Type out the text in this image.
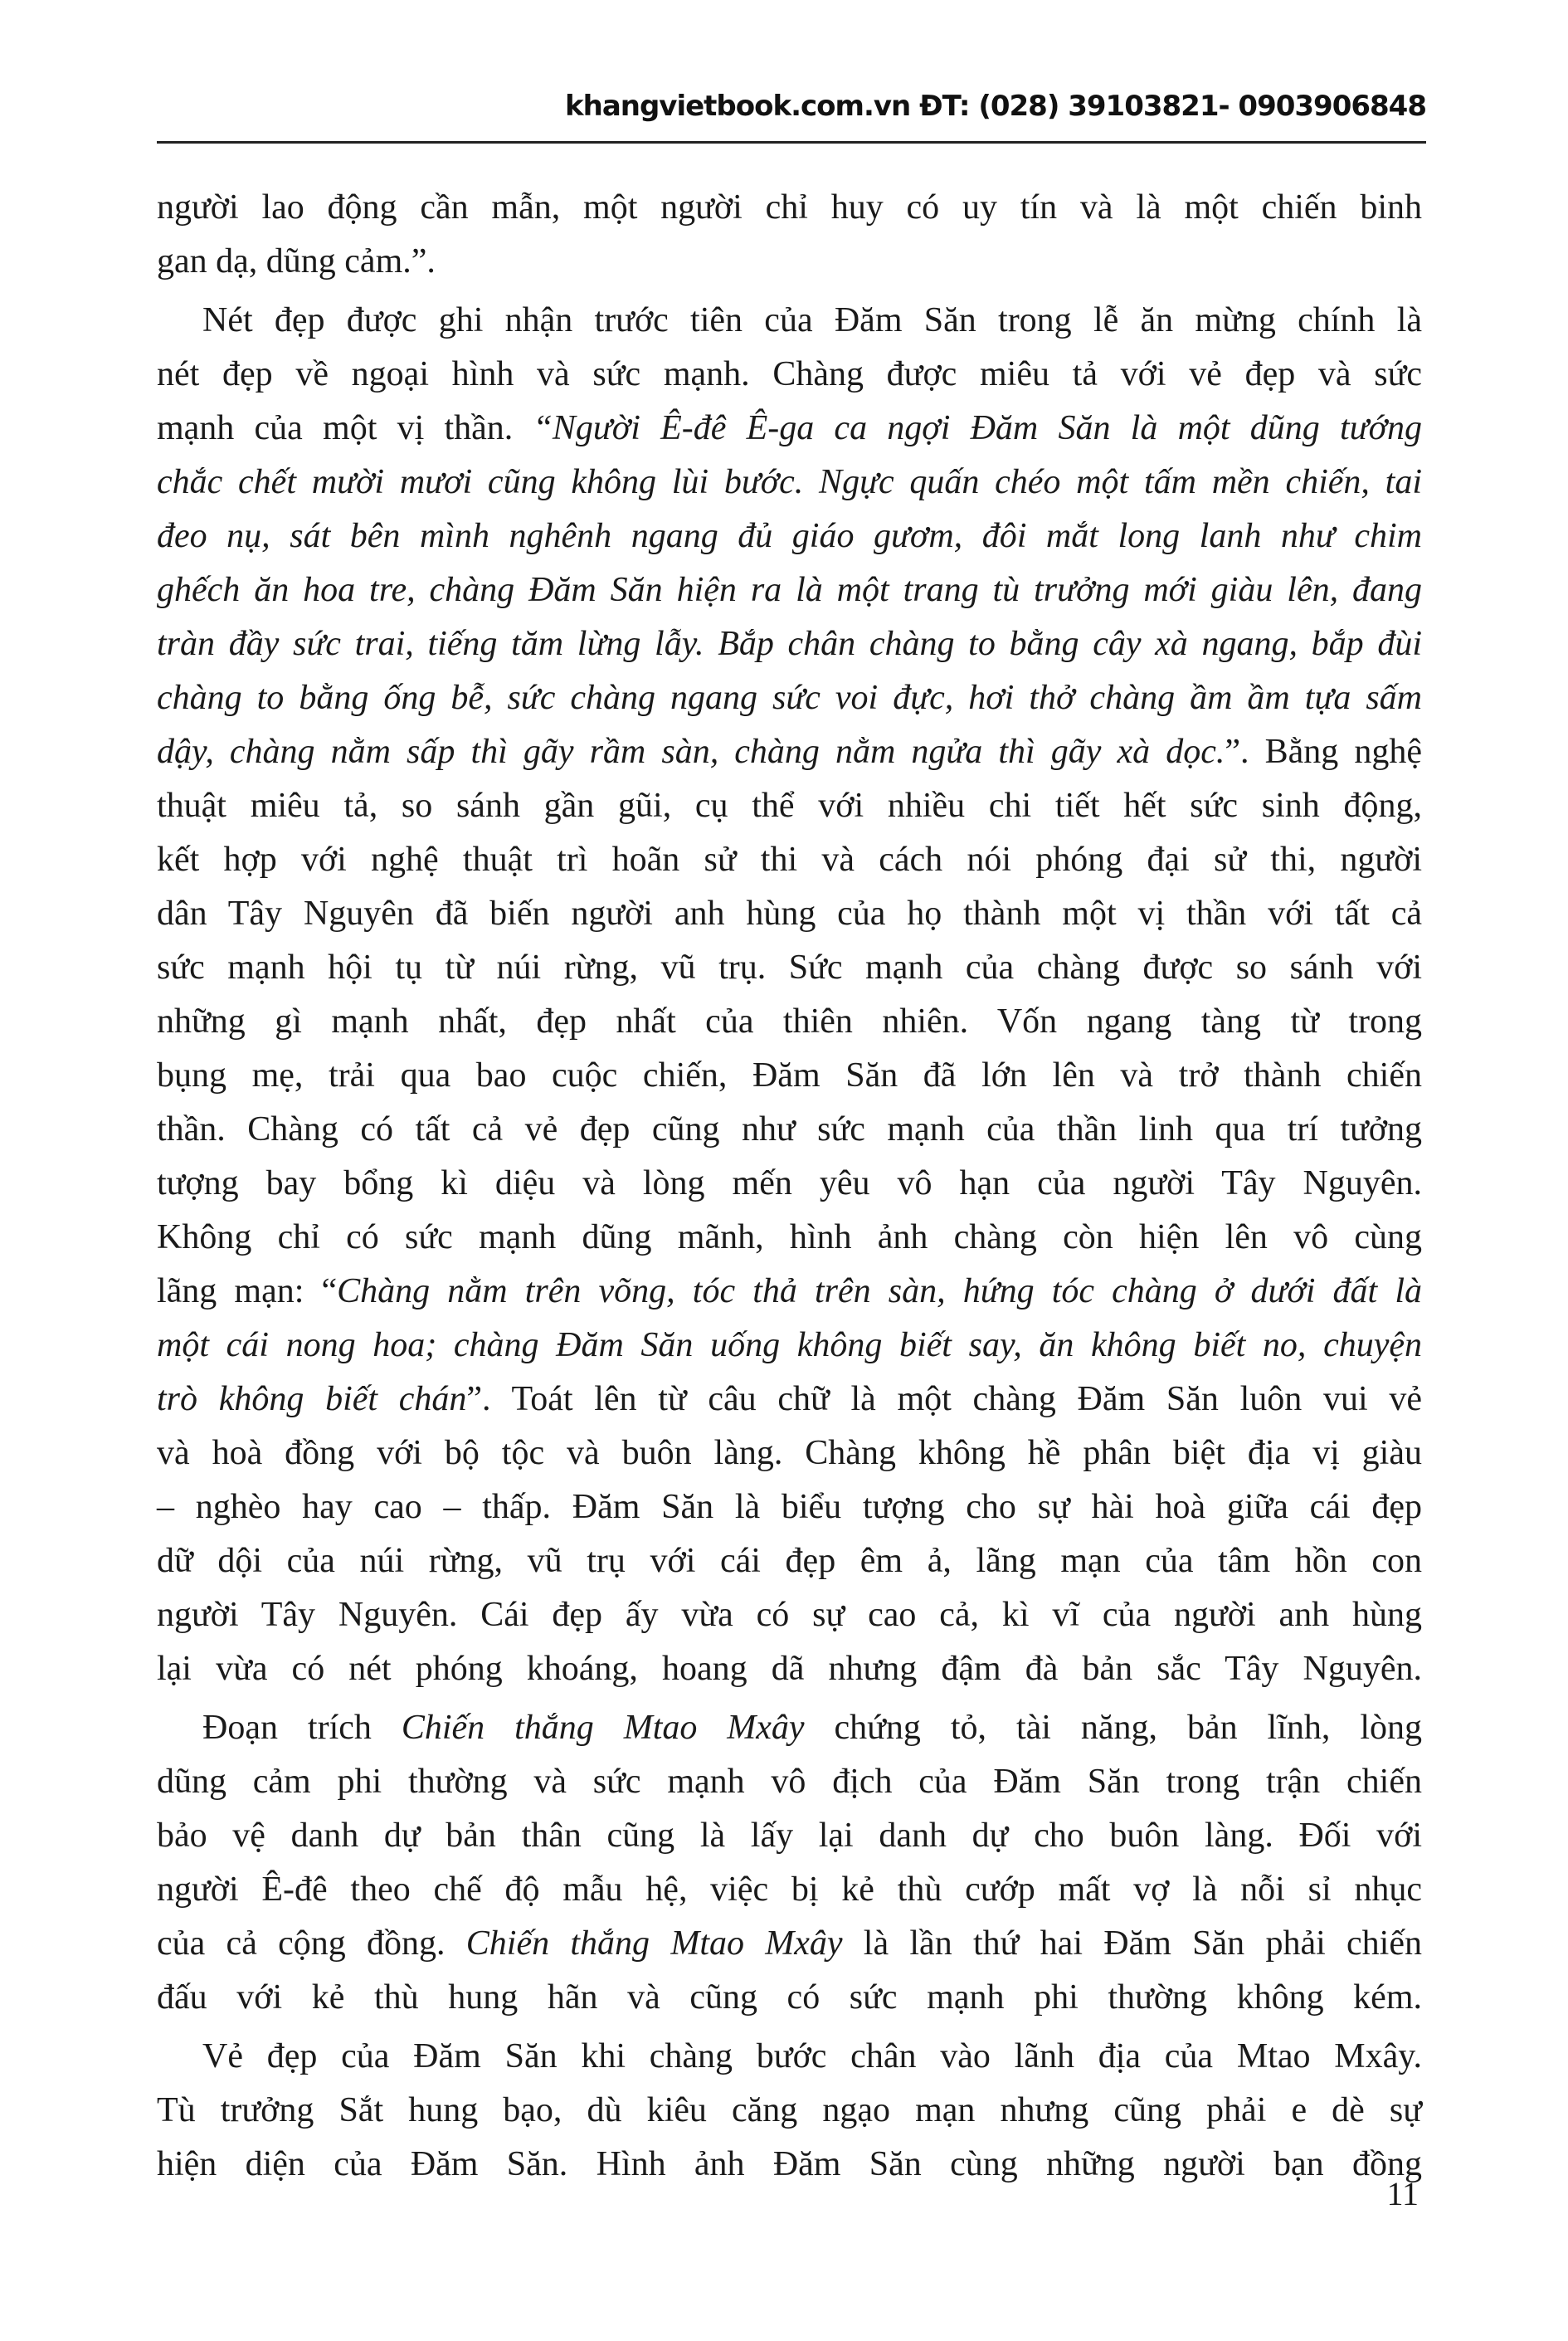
khangvietbook.com.vn ĐT: (028) 39103821- 0903906848
người lao động cần mẫn, một người chỉ huy có uy tín và là một chiến binh
gan dạ, dũng cảm.”.
Nét đẹp được ghi nhận trước tiên của Đăm Săn trong lễ ăn mừng chính là
nét đẹp về ngoại hình và sức mạnh. Chàng được miêu tả với vẻ đẹp và sức
mạnh của một vị thần. “Người Ê-đê Ê-ga ca ngợi Đăm Săn là một dũng tướng
chắc chết mười mươi cũng không lùi bước. Ngực quấn chéo một tấm mền chiến, tai
đeo nụ, sát bên mình nghênh ngang đủ giáo gươm, đôi mắt long lanh như chim
ghếch ăn hoa tre, chàng Đăm Săn hiện ra là một trang tù trưởng mới giàu lên, đang
tràn đầy sức trai, tiếng tăm lừng lẫy. Bắp chân chàng to bằng cây xà ngang, bắp đùi
chàng to bằng ống bễ, sức chàng ngang sức voi đực, hơi thở chàng ầm ầm tựa sấm
dậy, chàng nằm sấp thì gãy rầm sàn, chàng nằm ngửa thì gãy xà dọc.”. Bằng nghệ
thuật miêu tả, so sánh gần gũi, cụ thể với nhiều chi tiết hết sức sinh động,
kết hợp với nghệ thuật trì hoãn sử thi và cách nói phóng đại sử thi, người
dân Tây Nguyên đã biến người anh hùng của họ thành một vị thần với tất cả
sức mạnh hội tụ từ núi rừng, vũ trụ. Sức mạnh của chàng được so sánh với
những gì mạnh nhất, đẹp nhất của thiên nhiên. Vốn ngang tàng từ trong
bụng mẹ, trải qua bao cuộc chiến, Đăm Săn đã lớn lên và trở thành chiến
thần. Chàng có tất cả vẻ đẹp cũng như sức mạnh của thần linh qua trí tưởng
tượng bay bổng kì diệu và lòng mến yêu vô hạn của người Tây Nguyên.
Không chỉ có sức mạnh dũng mãnh, hình ảnh chàng còn hiện lên vô cùng
lãng mạn: “Chàng nằm trên võng, tóc thả trên sàn, hứng tóc chàng ở dưới đất là
một cái nong hoa; chàng Đăm Săn uống không biết say, ăn không biết no, chuyện
trò không biết chán”. Toát lên từ câu chữ là một chàng Đăm Săn luôn vui vẻ
và hoà đồng với bộ tộc và buôn làng. Chàng không hề phân biệt địa vị giàu
– nghèo hay cao – thấp. Đăm Săn là biểu tượng cho sự hài hoà giữa cái đẹp
dữ dội của núi rừng, vũ trụ với cái đẹp êm ả, lãng mạn của tâm hồn con
người Tây Nguyên. Cái đẹp ấy vừa có sự cao cả, kì vĩ của người anh hùng
lại vừa có nét phóng khoáng, hoang dã nhưng đậm đà bản sắc Tây Nguyên.
Đoạn trích Chiến thắng Mtao Mxây chứng tỏ, tài năng, bản lĩnh, lòng
dũng cảm phi thường và sức mạnh vô địch của Đăm Săn trong trận chiến
bảo vệ danh dự bản thân cũng là lấy lại danh dự cho buôn làng. Đối với
người Ê-đê theo chế độ mẫu hệ, việc bị kẻ thù cướp mất vợ là nỗi sỉ nhục
của cả cộng đồng. Chiến thắng Mtao Mxây là lần thứ hai Đăm Săn phải chiến
đấu với kẻ thù hung hãn và cũng có sức mạnh phi thường không kém.
Vẻ đẹp của Đăm Săn khi chàng bước chân vào lãnh địa của Mtao Mxây.
Tù trưởng Sắt hung bạo, dù kiêu căng ngạo mạn nhưng cũng phải e dè sự
hiện diện của Đăm Săn. Hình ảnh Đăm Săn cùng những người bạn đồng
11
